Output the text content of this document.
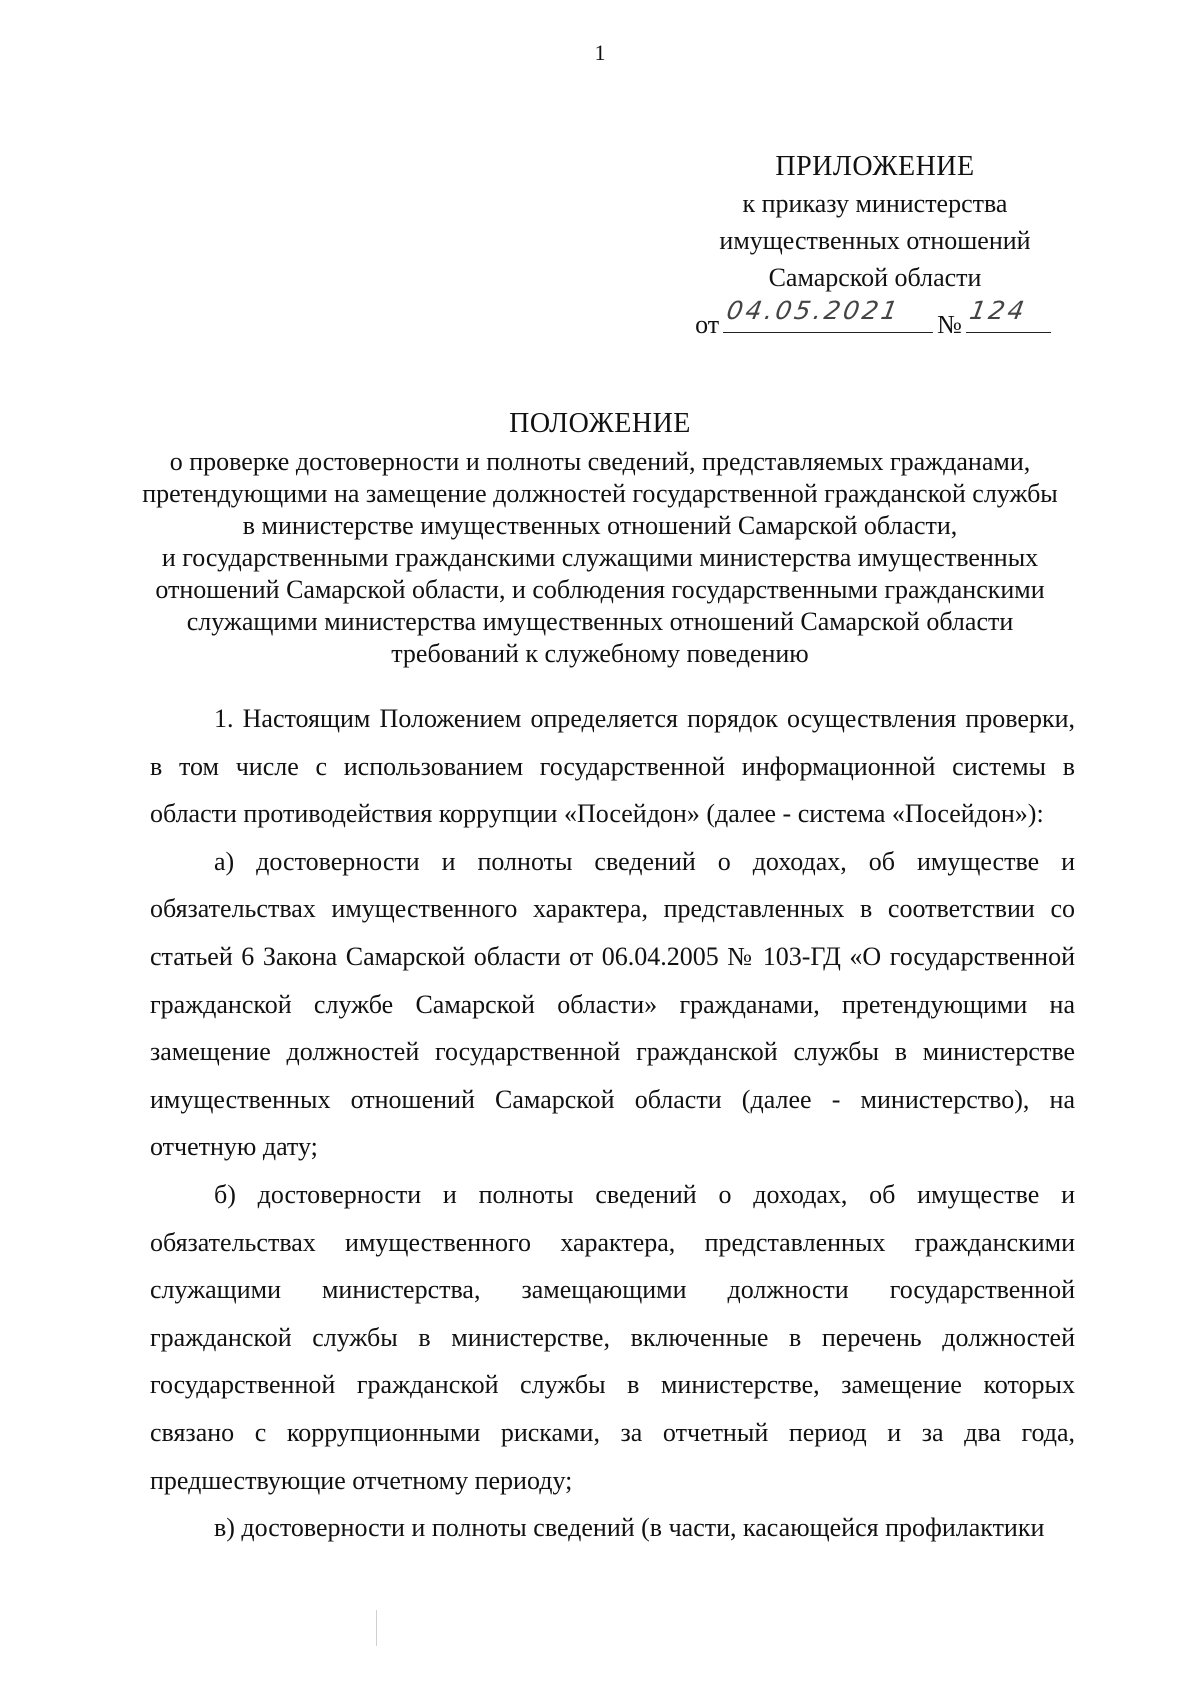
1
ПРИЛОЖЕНИЕ
к приказу министерства
имущественных отношений
Самарской области
от 04.05.2021 № 124
ПОЛОЖЕНИЕ
о проверке достоверности и полноты сведений, представляемых гражданами,
претендующими на замещение должностей государственной гражданской службы
в министерстве имущественных отношений Самарской области,
и государственными гражданскими служащими министерства имущественных
отношений Самарской области, и соблюдения государственными гражданскими
служащими министерства имущественных отношений Самарской области
требований к служебному поведению

1. Настоящим Положением определяется порядок осуществления проверки, в том числе с использованием государственной информационной системы в области противодействия коррупции «Посейдон» (далее - система «Посейдон»):

а) достоверности и полноты сведений о доходах, об имуществе и обязательствах имущественного характера, представленных в соответствии со статьей 6 Закона Самарской области от 06.04.2005 № 103-ГД «О государственной гражданской службе Самарской области» гражданами, претендующими на замещение должностей государственной гражданской службы в министерстве имущественных отношений Самарской области (далее - министерство), на отчетную дату;

б) достоверности и полноты сведений о доходах, об имуществе и обязательствах имущественного характера, представленных гражданскими служащими министерства, замещающими должности государственной гражданской службы в министерстве, включенные в перечень должностей государственной гражданской службы в министерстве, замещение которых связано с коррупционными рисками, за отчетный период и за два года, предшествующие отчетному периоду;

в) достоверности и полноты сведений (в части, касающейся профилактики
